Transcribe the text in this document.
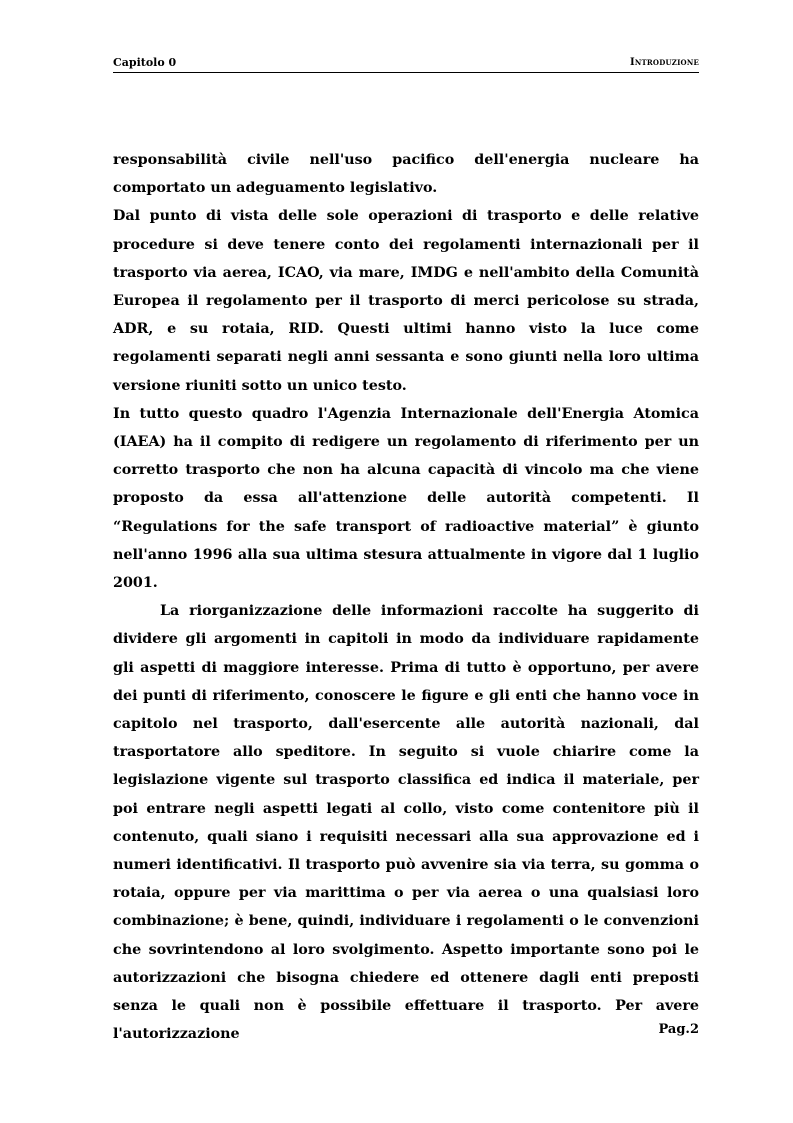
Capitolo 0	Introduzione

responsabilità civile nell'uso pacifico dell'energia nucleare ha comportato un adeguamento legislativo.

Dal punto di vista delle sole operazioni di trasporto e delle relative procedure si deve tenere conto dei regolamenti internazionali per il trasporto via aerea, ICAO, via mare, IMDG e nell'ambito della Comunità Europea il regolamento per il trasporto di merci pericolose su strada, ADR, e su rotaia, RID. Questi ultimi hanno visto la luce come regolamenti separati negli anni sessanta e sono giunti nella loro ultima versione riuniti sotto un unico testo.

In tutto questo quadro l'Agenzia Internazionale dell'Energia Atomica (IAEA) ha il compito di redigere un regolamento di riferimento per un corretto trasporto che non ha alcuna capacità di vincolo ma che viene proposto da essa all'attenzione delle autorità competenti. Il “Regulations for the safe transport of radioactive material” è giunto nell'anno 1996 alla sua ultima stesura attualmente in vigore dal 1 luglio 2001.

La riorganizzazione delle informazioni raccolte ha suggerito di dividere gli argomenti in capitoli in modo da individuare rapidamente gli aspetti di maggiore interesse. Prima di tutto è opportuno, per avere dei punti di riferimento, conoscere le figure e gli enti che hanno voce in capitolo nel trasporto, dall'esercente alle autorità nazionali, dal trasportatore allo speditore. In seguito si vuole chiarire come la legislazione vigente sul trasporto classifica ed indica il materiale, per poi entrare negli aspetti legati al collo, visto come contenitore più il contenuto, quali siano i requisiti necessari alla sua approvazione ed i numeri identificativi. Il trasporto può avvenire sia via terra, su gomma o rotaia, oppure per via marittima o per via aerea o una qualsiasi loro combinazione; è bene, quindi, individuare i regolamenti o le convenzioni che sovrintendono al loro svolgimento. Aspetto importante sono poi le autorizzazioni che bisogna chiedere ed ottenere dagli enti preposti senza le quali non è possibile effettuare il trasporto. Per avere l'autorizzazione	Pag.2
